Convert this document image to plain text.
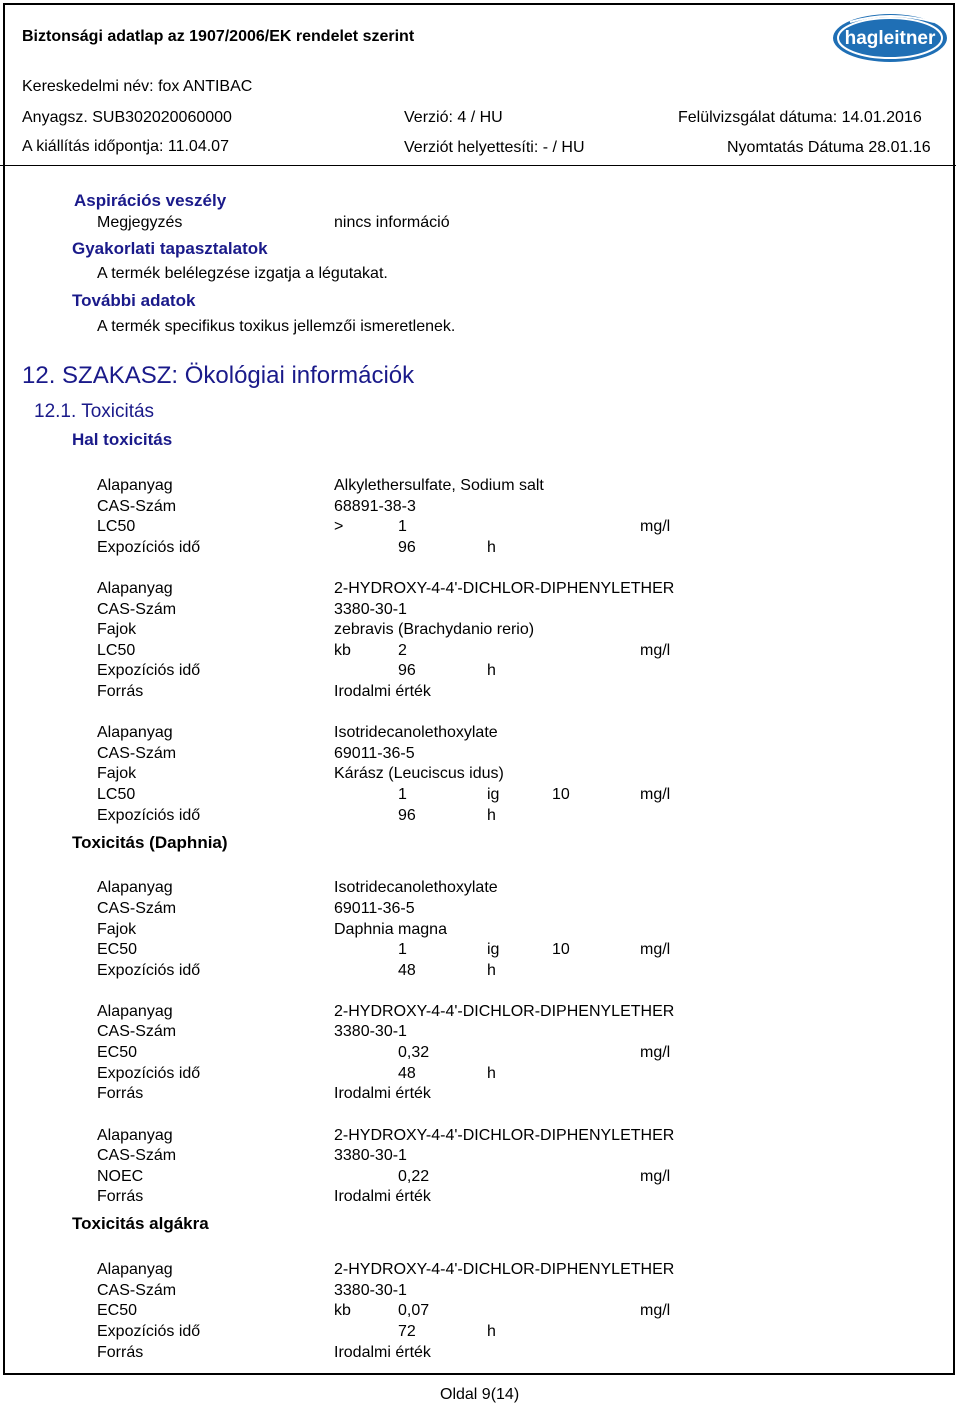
Biztonsági adatlap az 1907/2006/EK rendelet szerint	hagleitner
Kereskedelmi név: fox ANTIBAC
Anyagsz. SUB302020060000	Verzió: 4 / HU	Felülvizsgálat dátuma: 14.01.2016
A kiállítás időpontja: 11.04.07	Verziót helyettesíti: - / HU	Nyomtatás Dátuma 28.01.16
Aspirációs veszély
Megjegyzés	nincs információ
Gyakorlati tapasztalatok
A termék belélegzése izgatja a légutakat.
További adatok
A termék specifikus toxikus jellemzői ismeretlenek.
12. SZAKASZ: Ökológiai információk
12.1. Toxicitás
Hal toxicitás
Alapanyag	Alkylethersulfate, Sodium salt
CAS-Szám	68891-38-3
LC50	>	1	mg/l
Expozíciós idő	96	h
Alapanyag	2-HYDROXY-4-4'-DICHLOR-DIPHENYLETHER
CAS-Szám	3380-30-1
Fajok	zebravis (Brachydanio rerio)
LC50	kb	2	mg/l
Expozíciós idő	96	h
Forrás	Irodalmi érték
Alapanyag	Isotridecanolethoxylate
CAS-Szám	69011-36-5
Fajok	Kárász (Leuciscus idus)
LC50	1	ig	10	mg/l
Expozíciós idő	96	h
Toxicitás (Daphnia)
Alapanyag	Isotridecanolethoxylate
CAS-Szám	69011-36-5
Fajok	Daphnia magna
EC50	1	ig	10	mg/l
Expozíciós idő	48	h
Alapanyag	2-HYDROXY-4-4'-DICHLOR-DIPHENYLETHER
CAS-Szám	3380-30-1
EC50	0,32	mg/l
Expozíciós idő	48	h
Forrás	Irodalmi érték
Alapanyag	2-HYDROXY-4-4'-DICHLOR-DIPHENYLETHER
CAS-Szám	3380-30-1
NOEC	0,22	mg/l
Forrás	Irodalmi érték
Toxicitás algákra
Alapanyag	2-HYDROXY-4-4'-DICHLOR-DIPHENYLETHER
CAS-Szám	3380-30-1
EC50	kb	0,07	mg/l
Expozíciós idő	72	h
Forrás	Irodalmi érték
Oldal 9(14)
